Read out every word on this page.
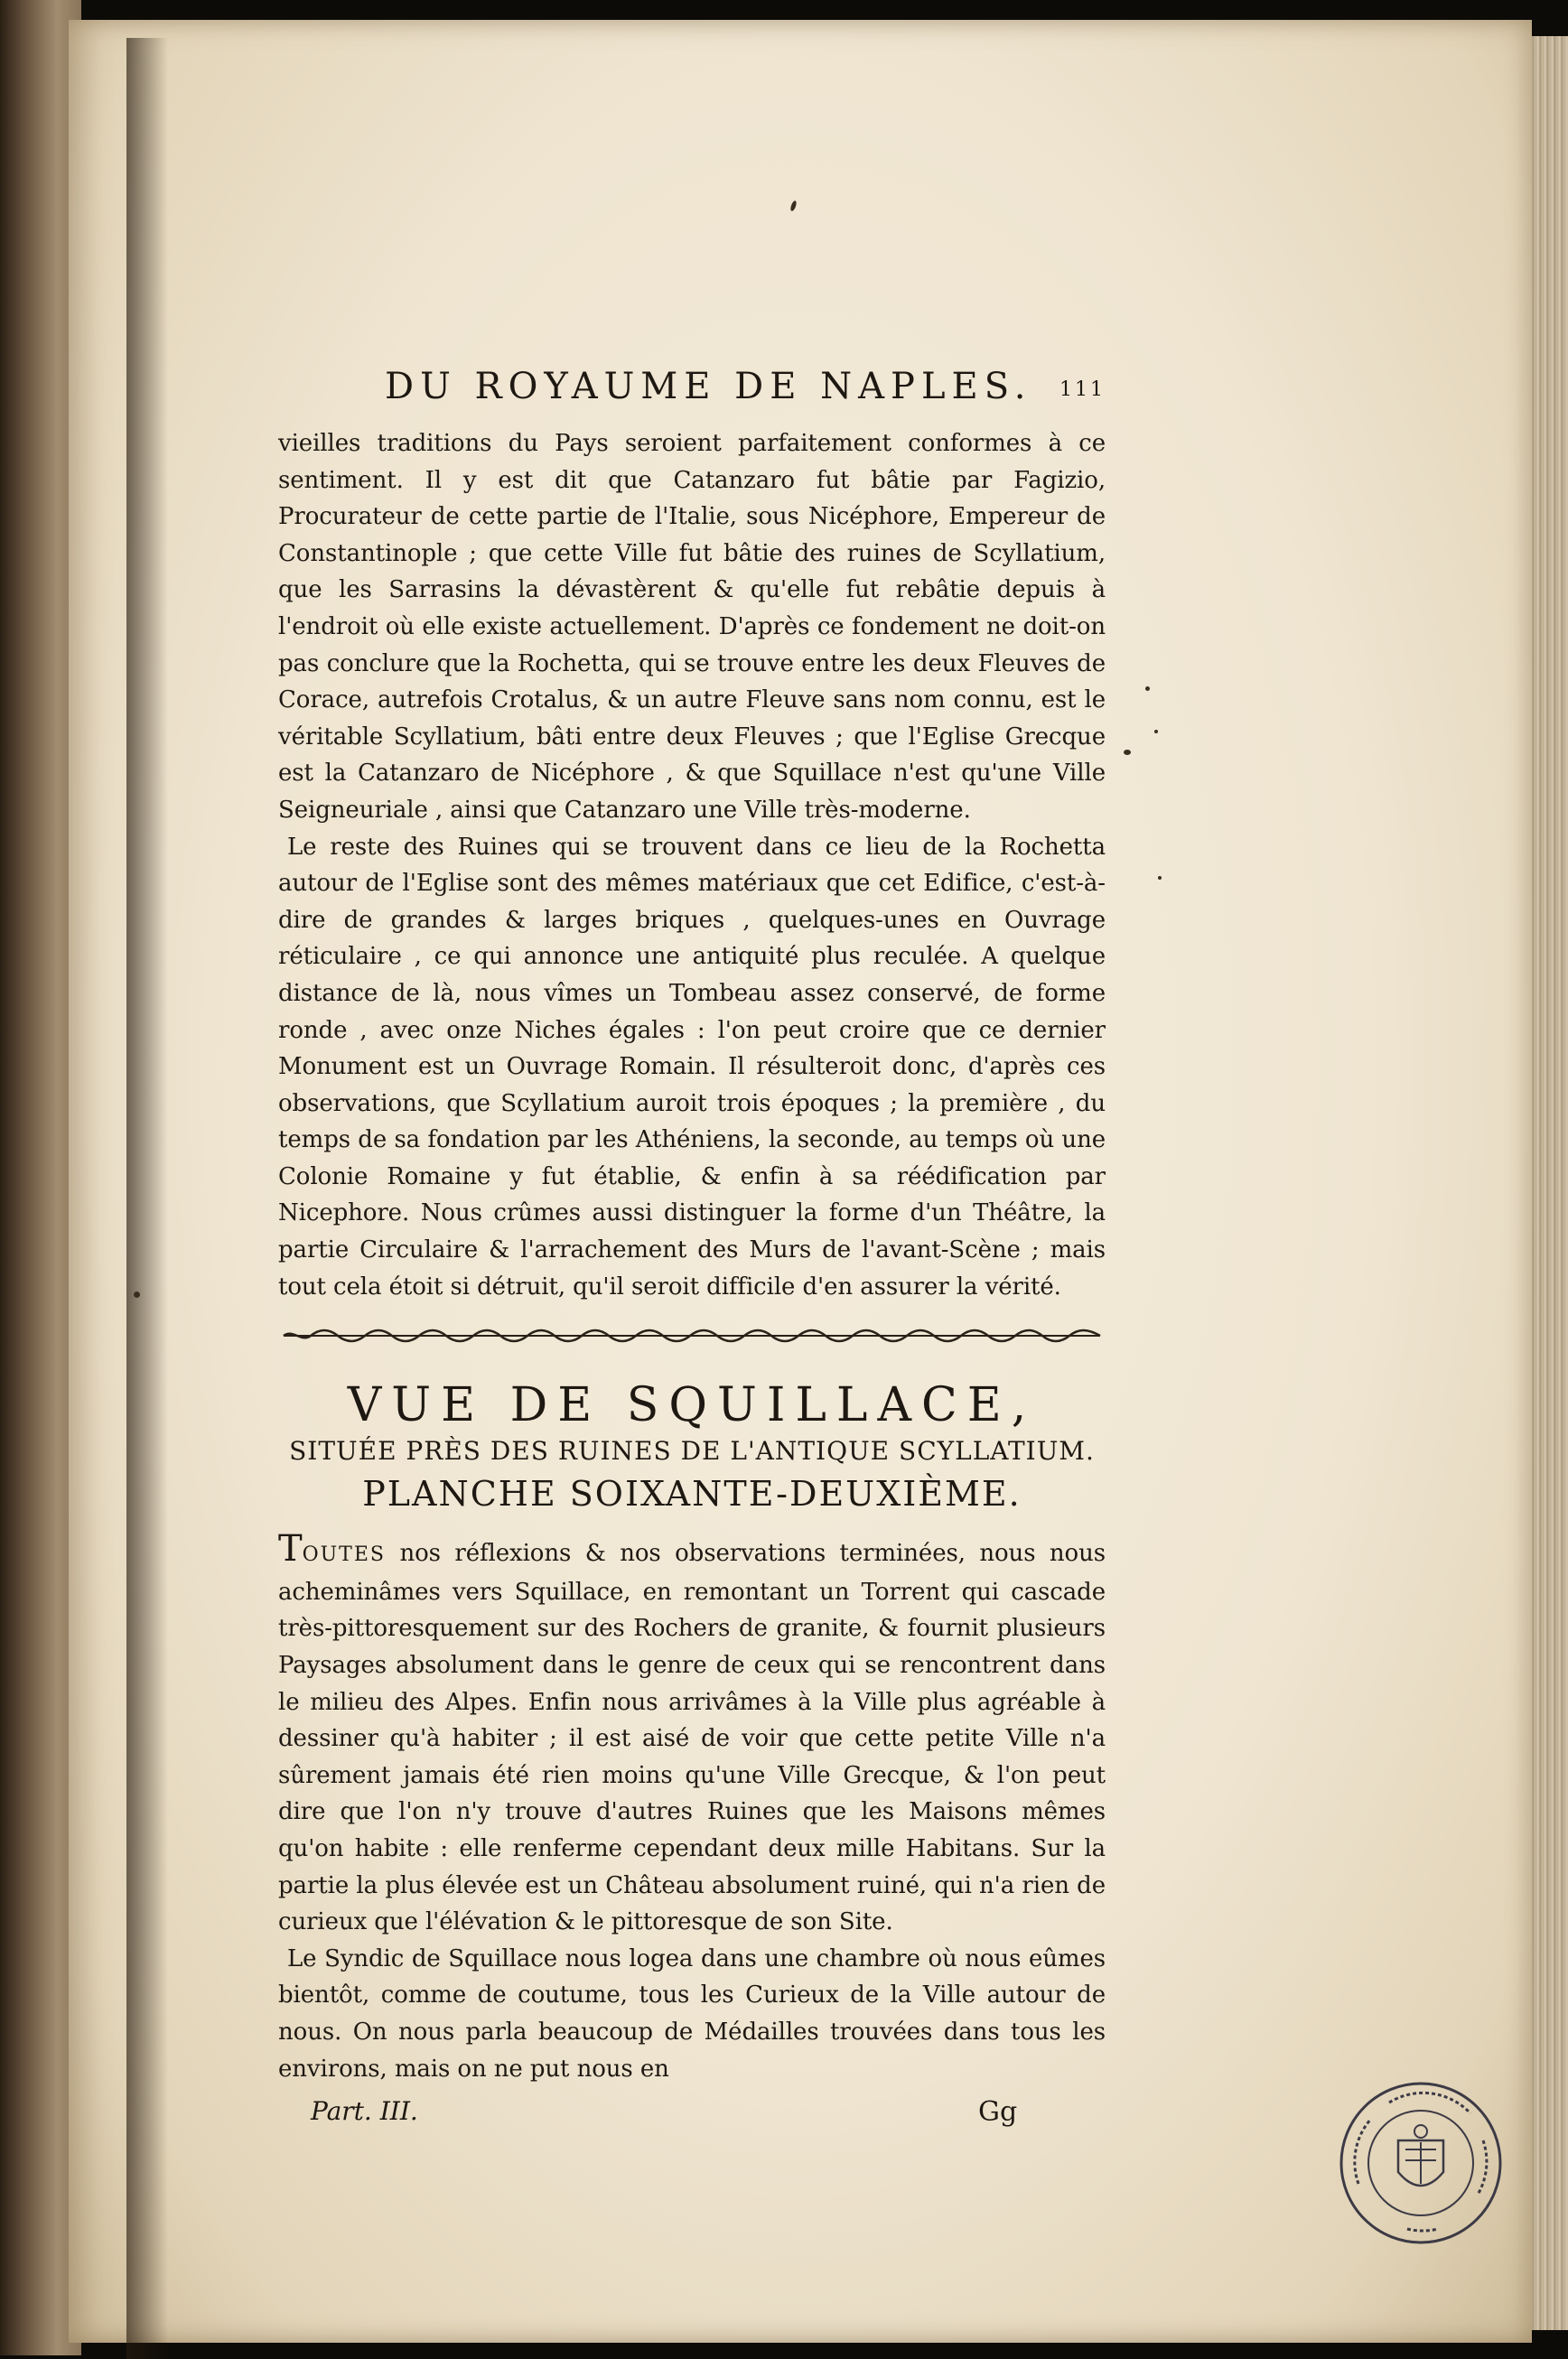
DU ROYAUME DE NAPLES. 111

vieilles traditions du Pays seroient parfaitement conformes à ce sentiment. Il y est dit que Catanzaro fut bâtie par Fagizio, Procurateur de cette partie de l'Italie, sous Nicéphore, Empereur de Constantinople ; que cette Ville fut bâtie des ruines de Scyllatium, que les Sarrasins la dévastèrent & qu'elle fut rebâtie depuis à l'endroit où elle existe actuellement. D'après ce fondement ne doit-on pas conclure que la Rochetta, qui se trouve entre les deux Fleuves de Corace, autrefois Crotalus, & un autre Fleuve sans nom connu, est le véritable Scyllatium, bâti entre deux Fleuves ; que l'Eglise Grecque est la Catanzaro de Nicéphore , & que Squillace n'est qu'une Ville Seigneuriale , ainsi que Catanzaro une Ville très-moderne.

Le reste des Ruines qui se trouvent dans ce lieu de la Rochetta autour de l'Eglise sont des mêmes matériaux que cet Edifice, c'est-à-dire de grandes & larges briques , quelques-unes en Ouvrage réticulaire , ce qui annonce une antiquité plus reculée. A quelque distance de là, nous vîmes un Tombeau assez conservé, de forme ronde , avec onze Niches égales : l'on peut croire que ce dernier Monument est un Ouvrage Romain. Il résulteroit donc, d'après ces observations, que Scyllatium auroit trois époques ; la première , du temps de sa fondation par les Athéniens, la seconde, au temps où une Colonie Romaine y fut établie, & enfin à sa réédification par Nicephore. Nous crûmes aussi distinguer la forme d'un Théâtre, la partie Circulaire & l'arrachement des Murs de l'avant-Scène ; mais tout cela étoit si détruit, qu'il seroit difficile d'en assurer la vérité.

VUE DE SQUILLACE,
SITUÉE PRÈS DES RUINES DE L'ANTIQUE SCYLLATIUM.
PLANCHE SOIXANTE-DEUXIÈME.

TOUTES nos réflexions & nos observations terminées, nous nous acheminâmes vers Squillace, en remontant un Torrent qui cascade très-pittoresquement sur des Rochers de granite, & fournit plusieurs Paysages absolument dans le genre de ceux qui se rencontrent dans le milieu des Alpes. Enfin nous arrivâmes à la Ville plus agréable à dessiner qu'à habiter ; il est aisé de voir que cette petite Ville n'a sûrement jamais été rien moins qu'une Ville Grecque, & l'on peut dire que l'on n'y trouve d'autres Ruines que les Maisons mêmes qu'on habite : elle renferme cependant deux mille Habitans. Sur la partie la plus élevée est un Château absolument ruiné, qui n'a rien de curieux que l'élévation & le pittoresque de son Site.

Le Syndic de Squillace nous logea dans une chambre où nous eûmes bientôt, comme de coutume, tous les Curieux de la Ville autour de nous. On nous parla beaucoup de Médailles trouvées dans tous les environs, mais on ne put nous en

Part. III.	Gg
